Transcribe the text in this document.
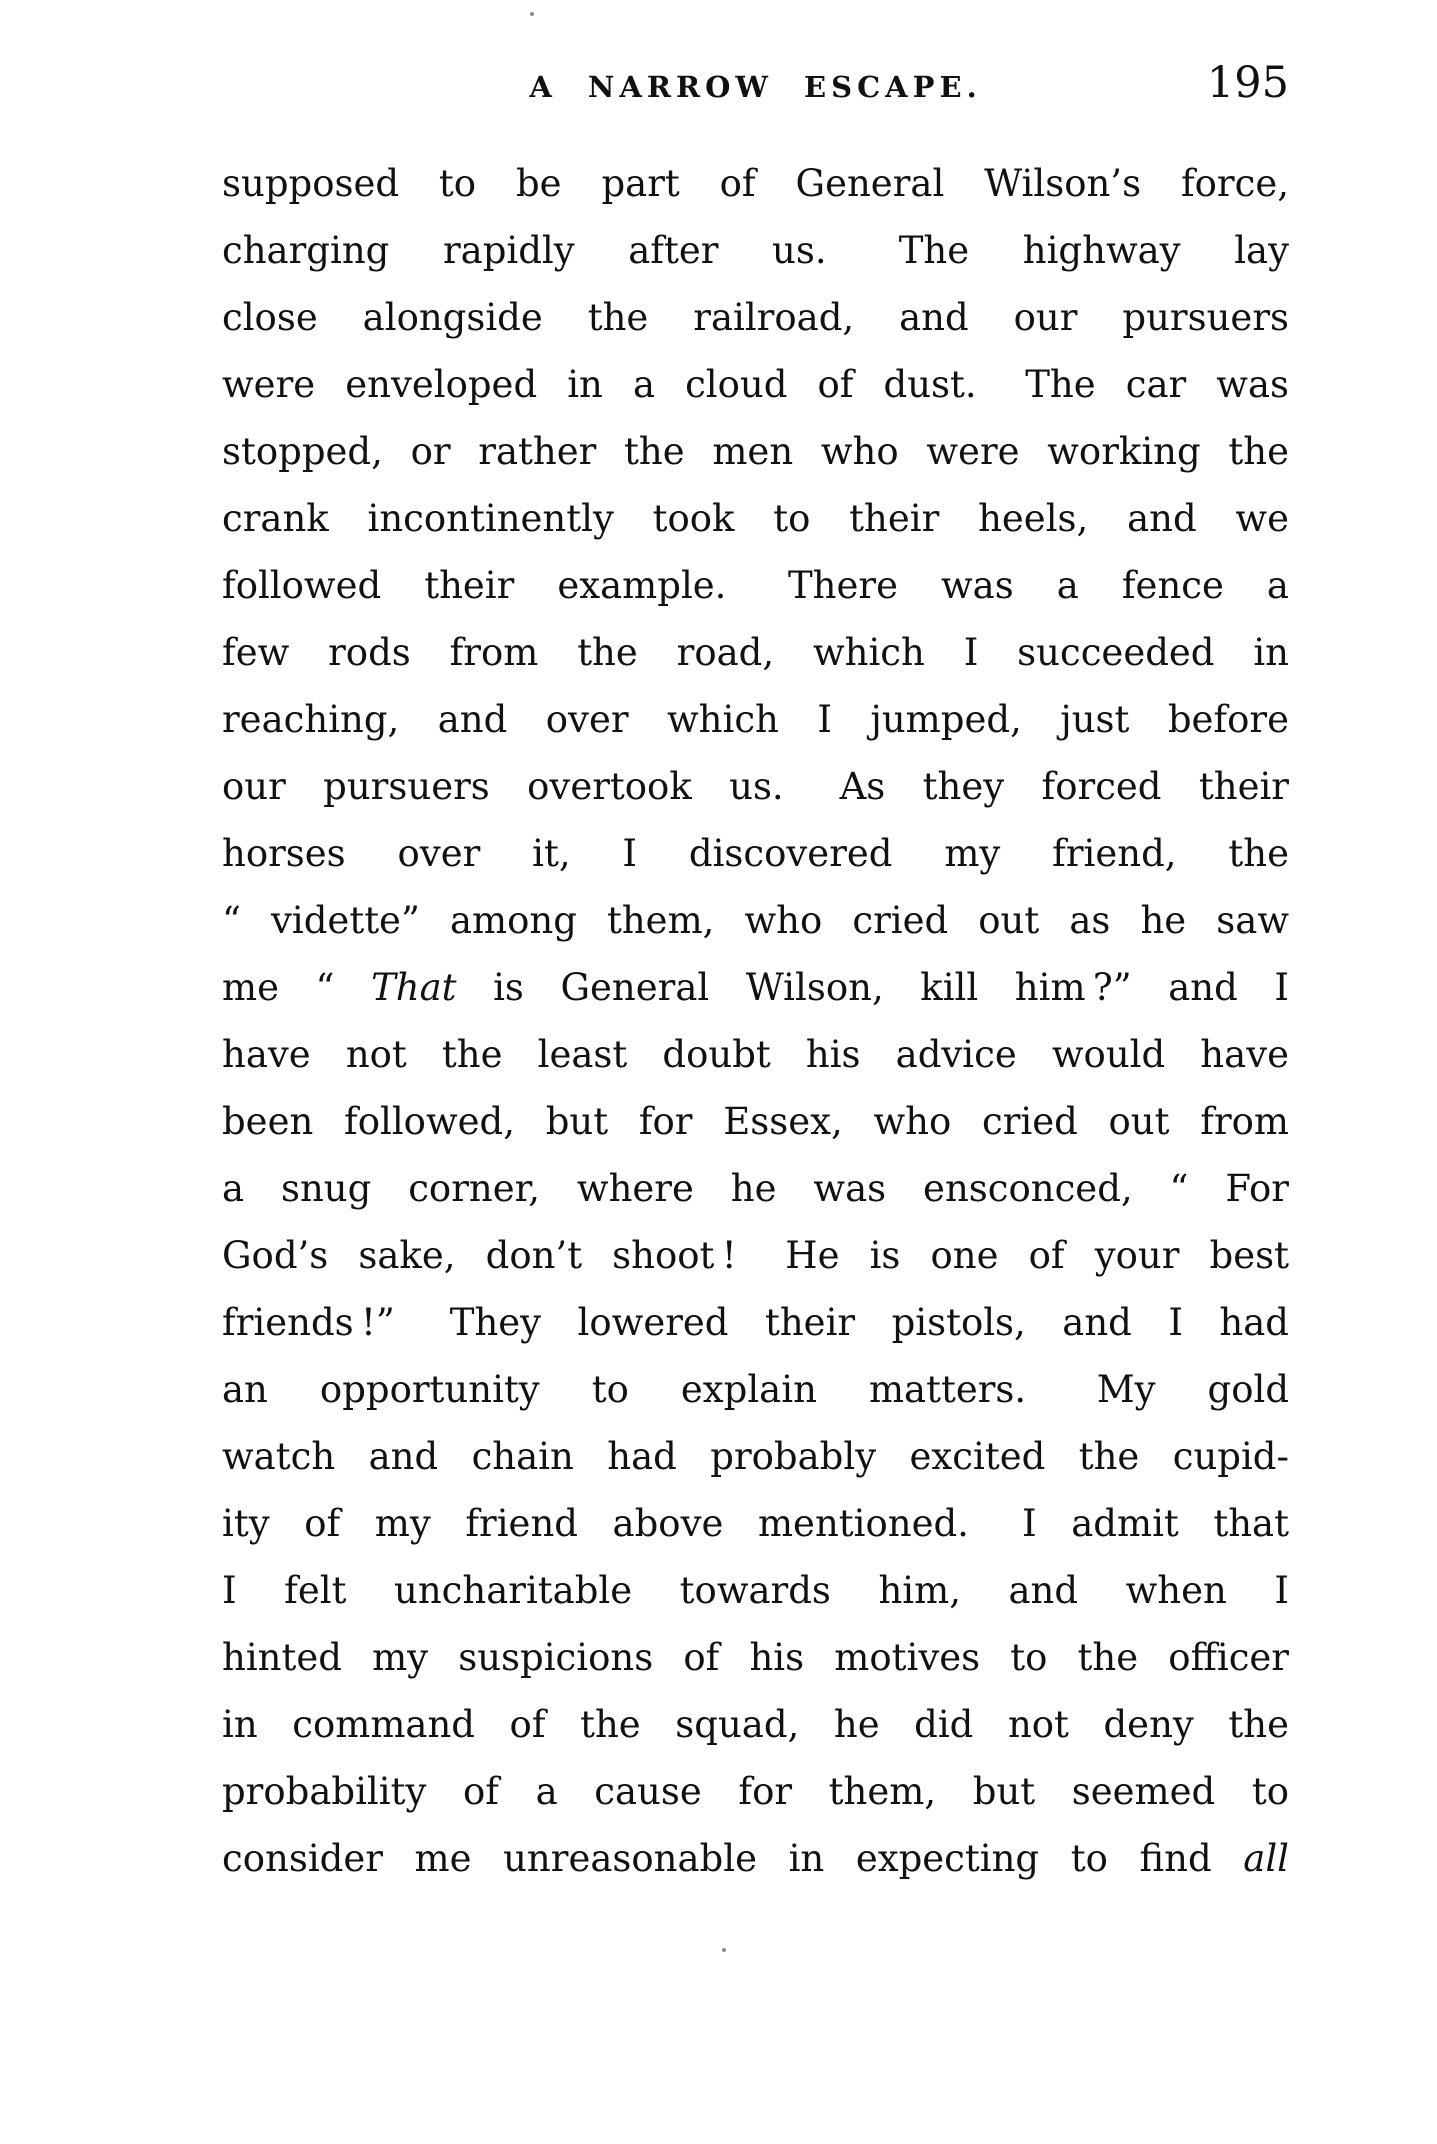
A NARROW ESCAPE.	195
supposed to be part of General Wilson’s force,
charging rapidly after us.  The highway lay
close alongside the railroad, and our pursuers
were enveloped in a cloud of dust.  The car was
stopped, or rather the men who were working the
crank incontinently took to their heels, and we
followed their example.  There was a fence a
few rods from the road, which I succeeded in
reaching, and over which I jumped, just before
our pursuers overtook us.  As they forced their
horses over it, I discovered my friend, the
“ vidette” among them, who cried out as he saw
me “ That is General Wilson, kill him ?” and I
have not the least doubt his advice would have
been followed, but for Essex, who cried out from
a snug corner, where he was ensconced, “ For
God’s sake, don’t shoot !  He is one of your best
friends !”  They lowered their pistols, and I had
an opportunity to explain matters.  My gold
watch and chain had probably excited the cupid-
ity of my friend above mentioned.  I admit that
I felt uncharitable towards him, and when I
hinted my suspicions of his motives to the officer
in command of the squad, he did not deny the
probability of a cause for them, but seemed to
consider me unreasonable in expecting to find all
